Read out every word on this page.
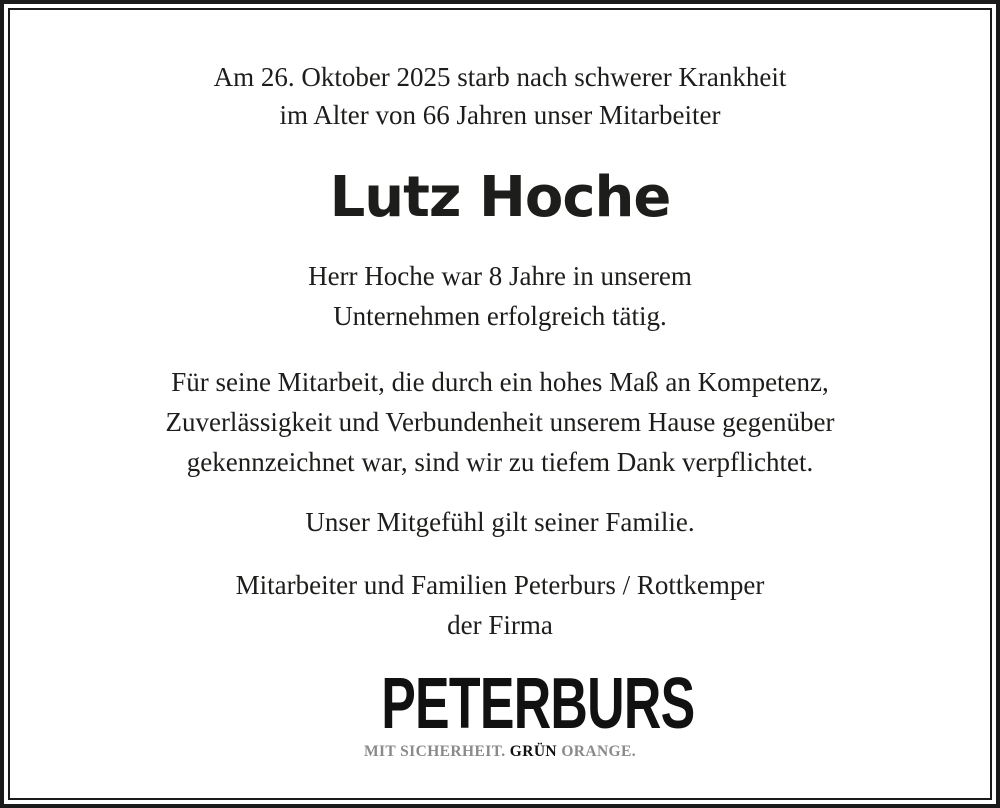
Am 26. Oktober 2025 starb nach schwerer Krankheit
im Alter von 66 Jahren unser Mitarbeiter
Lutz Hoche
Herr Hoche war 8 Jahre in unserem
Unternehmen erfolgreich tätig.
Für seine Mitarbeit, die durch ein hohes Maß an Kompetenz,
Zuverlässigkeit und Verbundenheit unserem Hause gegenüber
gekennzeichnet war, sind wir zu tiefem Dank verpflichtet.
Unser Mitgefühl gilt seiner Familie.
Mitarbeiter und Familien Peterburs / Rottkemper
der Firma
PETERBURS
MIT SICHERHEIT. GRÜN ORANGE.
